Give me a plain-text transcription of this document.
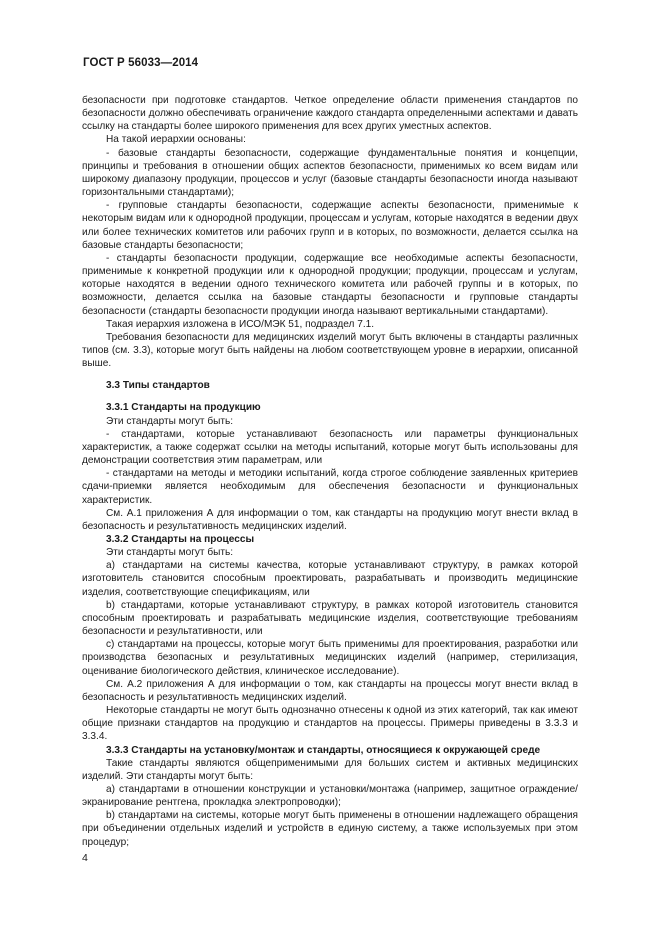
ГОСТ Р 56033—2014

безопасности при подготовке стандартов. Четкое определение области применения стандартов по безопасности должно обеспечивать ограничение каждого стандарта определенными аспектами и давать ссылку на стандарты более широкого применения для всех других уместных аспектов.

На такой иерархии основаны:

- базовые стандарты безопасности, содержащие фундаментальные понятия и концепции, принципы и требования в отношении общих аспектов безопасности, применимых ко всем видам или широкому диапазону продукции, процессов и услуг (базовые стандарты безопасности иногда называют горизонтальными стандартами);

- групповые стандарты безопасности, содержащие аспекты безопасности, применимые к некоторым видам или к однородной продукции, процессам и услугам, которые находятся в ведении двух или более технических комитетов или рабочих групп и в которых, по возможности, делается ссылка на базовые стандарты безопасности;

- стандарты безопасности продукции, содержащие все необходимые аспекты безопасности, применимые к конкретной продукции или к однородной продукции; продукции, процессам и услугам, которые находятся в ведении одного технического комитета или рабочей группы и в которых, по возможности, делается ссылка на базовые стандарты безопасности и групповые стандарты безопасности (стандарты безопасности продукции иногда называют вертикальными стандартами).

Такая иерархия изложена в ИСО/МЭК 51, подраздел 7.1.

Требования безопасности для медицинских изделий могут быть включены в стандарты различных типов (см. 3.3), которые могут быть найдены на любом соответствующем уровне в иерархии, описанной выше.

3.3 Типы стандартов

3.3.1 Стандарты на продукцию

Эти стандарты могут быть:

- стандартами, которые устанавливают безопасность или параметры функциональных характеристик, а также содержат ссылки на методы испытаний, которые могут быть использованы для демонстрации соответствия этим параметрам, или

- стандартами на методы и методики испытаний, когда строгое соблюдение заявленных критериев сдачи-приемки является необходимым для обеспечения безопасности и функциональных характеристик.

См. А.1 приложения А для информации о том, как стандарты на продукцию могут внести вклад в безопасность и результативность медицинских изделий.

3.3.2 Стандарты на процессы

Эти стандарты могут быть:

a) стандартами на системы качества, которые устанавливают структуру, в рамках которой изготовитель становится способным проектировать, разрабатывать и производить медицинские изделия, соответствующие спецификациям, или

b) стандартами, которые устанавливают структуру, в рамках которой изготовитель становится способным проектировать и разрабатывать медицинские изделия, соответствующие требованиям безопасности и результативности, или

c) стандартами на процессы, которые могут быть применимы для проектирования, разработки или производства безопасных и результативных медицинских изделий (например, стерилизация, оценивание биологического действия, клиническое исследование).

См. А.2 приложения А для информации о том, как стандарты на процессы могут внести вклад в безопасность и результативность медицинских изделий.

Некоторые стандарты не могут быть однозначно отнесены к одной из этих категорий, так как имеют общие признаки стандартов на продукцию и стандартов на процессы. Примеры приведены в 3.3.3 и 3.3.4.

3.3.3 Стандарты на установку/монтаж и стандарты, относящиеся к окружающей среде

Такие стандарты являются общеприменимыми для больших систем и активных медицинских изделий. Эти стандарты могут быть:

a) стандартами в отношении конструкции и установки/монтажа (например, защитное ограждение/экранирование рентгена, прокладка электропроводки);

b) стандартами на системы, которые могут быть применены в отношении надлежащего обращения при объединении отдельных изделий и устройств в единую систему, а также используемых при этом процедур;

4
